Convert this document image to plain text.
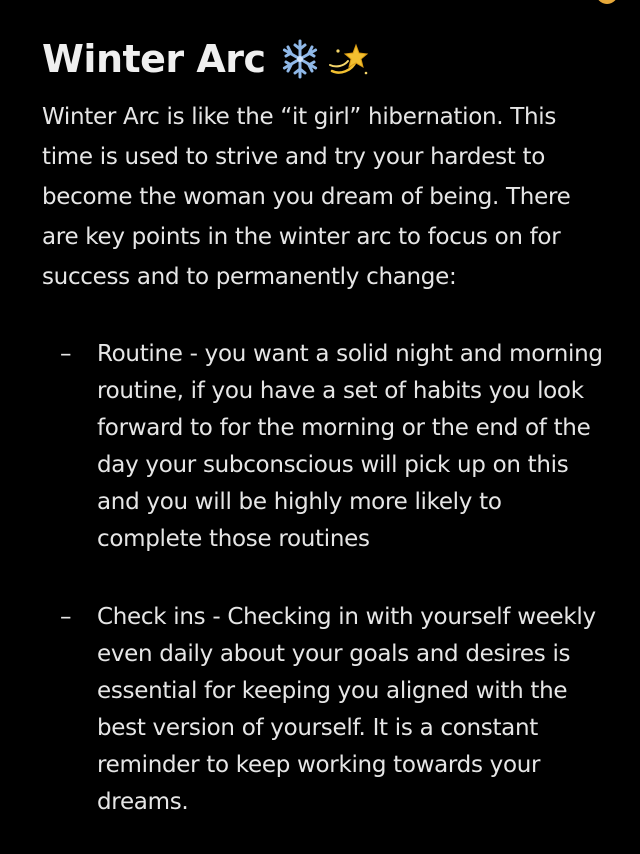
Winter Arc

Winter Arc is like the “it girl” hibernation. This time is used to strive and try your hardest to become the woman you dream of being. There are key points in the winter arc to focus on for success and to permanently change:

–	Routine - you want a solid night and morning routine, if you have a set of habits you look forward to for the morning or the end of the day your subconscious will pick up on this and you will be highly more likely to complete those routines
–	Check ins - Checking in with yourself weekly even daily about your goals and desires is essential for keeping you aligned with the best version of yourself. It is a constant reminder to keep working towards your dreams.
